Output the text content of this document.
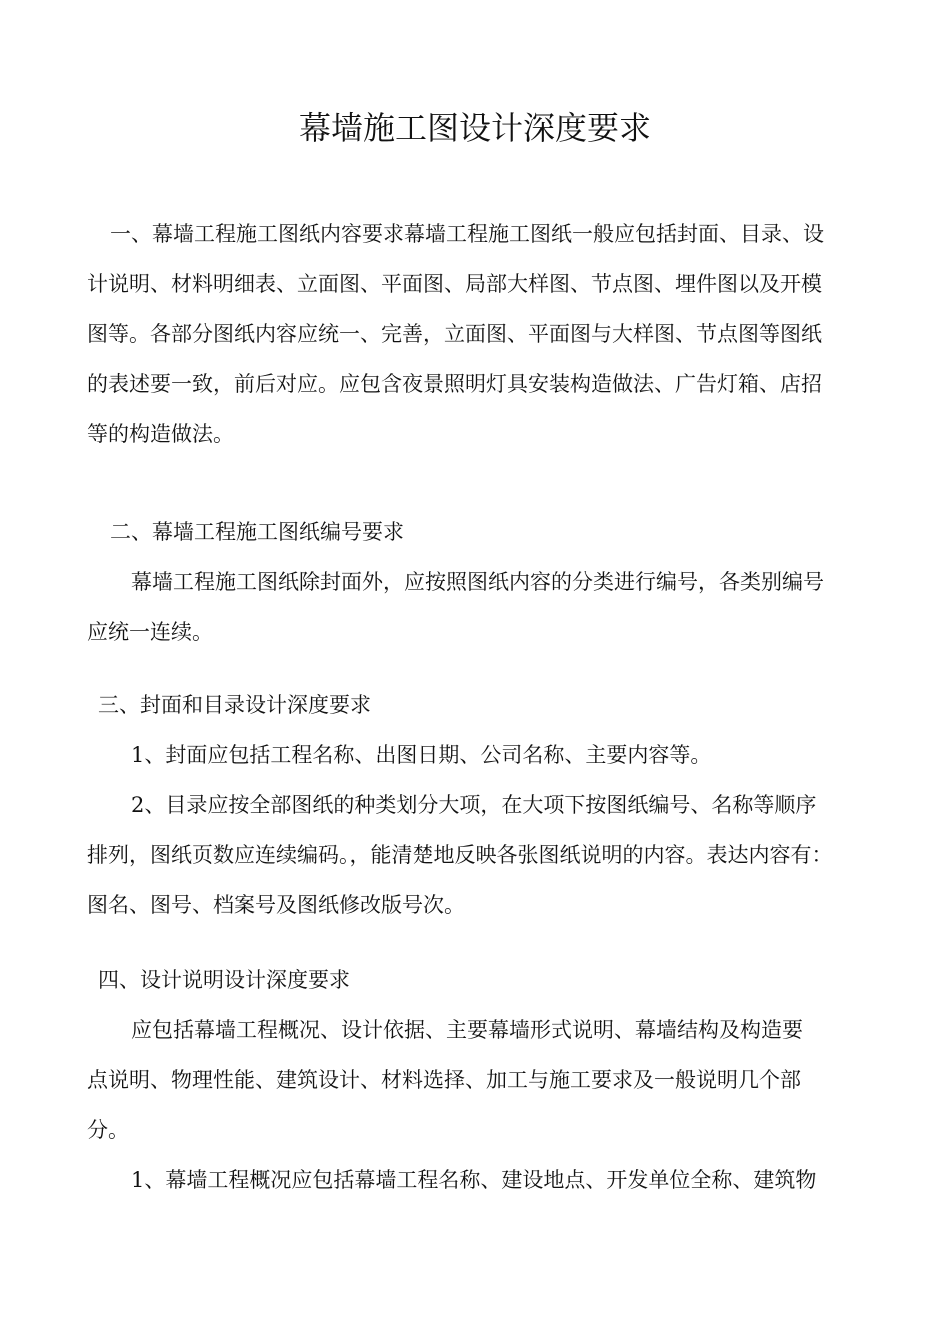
幕墙施工图设计深度要求
一、幕墙工程施工图纸内容要求幕墙工程施工图纸一般应包括封面、目录、设
计说明、材料明细表、立面图、平面图、局部大样图、节点图、埋件图以及开模
图等。各部分图纸内容应统一、完善，立面图、平面图与大样图、节点图等图纸
的表述要一致，前后对应。应包含夜景照明灯具安装构造做法、广告灯箱、店招
等的构造做法。
二、幕墙工程施工图纸编号要求
幕墙工程施工图纸除封面外，应按照图纸内容的分类进行编号，各类别编号
应统一连续。
三、封面和目录设计深度要求
1、封面应包括工程名称、出图日期、公司名称、主要内容等。
2、目录应按全部图纸的种类划分大项，在大项下按图纸编号、名称等顺序
排列，图纸页数应连续编码。，能清楚地反映各张图纸说明的内容。表达内容有：
图名、图号、档案号及图纸修改版号次。
四、设计说明设计深度要求
应包括幕墙工程概况、设计依据、主要幕墙形式说明、幕墙结构及构造要
点说明、物理性能、建筑设计、材料选择、加工与施工要求及一般说明几个部
分。
1、幕墙工程概况应包括幕墙工程名称、建设地点、开发单位全称、建筑物
